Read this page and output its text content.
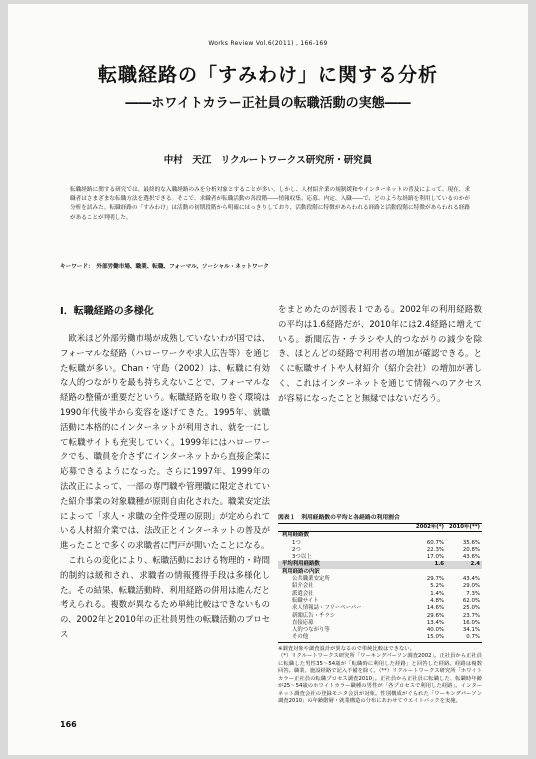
Works Review Vol.6(2011) , 166-169
転職経路の「すみわけ」に関する分析
――ホワイトカラー正社員の転職活動の実態――
中村　天江　リクルートワークス研究所・研究員
転職経路に関する研究では、最終的な入職経路のみを分析対象とすることが多い。しかし、人材紹介業の規制緩和やインターネットの普及によって、現在、求職者はさまざまな転職方法を選択できる。そこで、求職者が転職活動の各段階――情報収集、応募、内定、入職――で、どのような経路を利用しているのかが分析を試みた。転職経路の「すみわけ」は活動の初期段階から明確にはっきりしており、活動段階に特徴があらわれる経路と活動段階に特徴があらわれる経路があることが判明した。
キーワード：　外部労働市場、職業、転職、フォーマル、ソーシャル・ネットワーク
I．転職経路の多様化

欧米ほど外部労働市場が成熟していないわが国では、フォーマルな経路（ハローワークや求人広告等）を通じた転職が多い。Chan・守島（2002）は、転職に有効な人的つながりを最も持ちえないことで、フォーマルな経路の整備が重要だという。転職経路を取り巻く環境は1990年代後半から変容を遂げてきた。1995年、就職活動に本格的にインターネットが利用され、就を一にして転職サイトも充実していく。1999年にはハローワークでも、職員を介さずにインターネットから直接企業に応募できるようになった。さらに1997年、1999年の法改正によって、一部の専門職や管理職に限定されていた紹介事業の対象職種が原則自由化された。職業安定法によって「求人・求職の全件受理の原則」が定められている人材紹介業では、法改正とインターネットの普及が進ったことで多くの求職者に門戸が開いたことになる。

これらの変化により、転職活動における物理的・時間的制約は緩和され、求職者の情報獲得手段は多様化した。その結果、転職活動時、利用経路の併用は進んだと考えられる。複数が異なるため単純比較はできないものの、2002年と2010年の正社員男性の転職活動のプロセス

をまとめたのが図表１である。2002年の利用経路数の平均は1.6経路だが、2010年には2.4経路に増えている。新聞広告・チラシや人的つながりの減少を除き、ほとんどの経路で利用者の増加が確認できる。とくに転職サイトや人材紹介（紹介会社）の増加が著しく、これはインターネットを通じて情報へのアクセスが容易になったことと無縁ではないだろう。

図表１　利用経路数の平均と各経路の利用割合
	2002年(*)	2010年(**)
利用経路数		
1つ	60.7%	35.6%
2つ	22.3%	20.8%
3つ以上	17.0%	43.6%
平均利用経路数	1.6	2.4
利用経路の内訳		
公共職業安定所	29.7%	43.4%
紹介会社	5.2%	29.0%
派遣会社	1.4%	7.3%
転職サイト	4.8%	62.0%
求人情報誌・フリーペーパー	14.6%	25.0%
新聞広告・チラシ	29.6%	23.7%
直接応募	13.4%	16.0%
人的つながり等	40.0%	34.1%
その他	15.0%	0.7%

※調査対象や調査設計が異なるので単純比較はできない。

（*）リクルートワークス研究所「ワーキングパーソン調査2002」。正社員から正社員に転職した男性35〜54歳が「転職時に利用した経路」と回答した経路。経路は複数回答。職業、施設経路で記入不備を除く。（**）リクルートワークス研究所「ホワイトカラー正社員の転職プロセス調査2010」。正社員から正社員に転職した、転職時年齢が25〜54歳のホワイトカラー職種の男性が「各プロセスで利用した経路」。インターネット調査会社の登録モニタ会員が対象。性別構成がぐられた「ワーキングパーソン調査2010」の年齢階層・就業構造の分布にあわせてウエイトバックを実施。

166
